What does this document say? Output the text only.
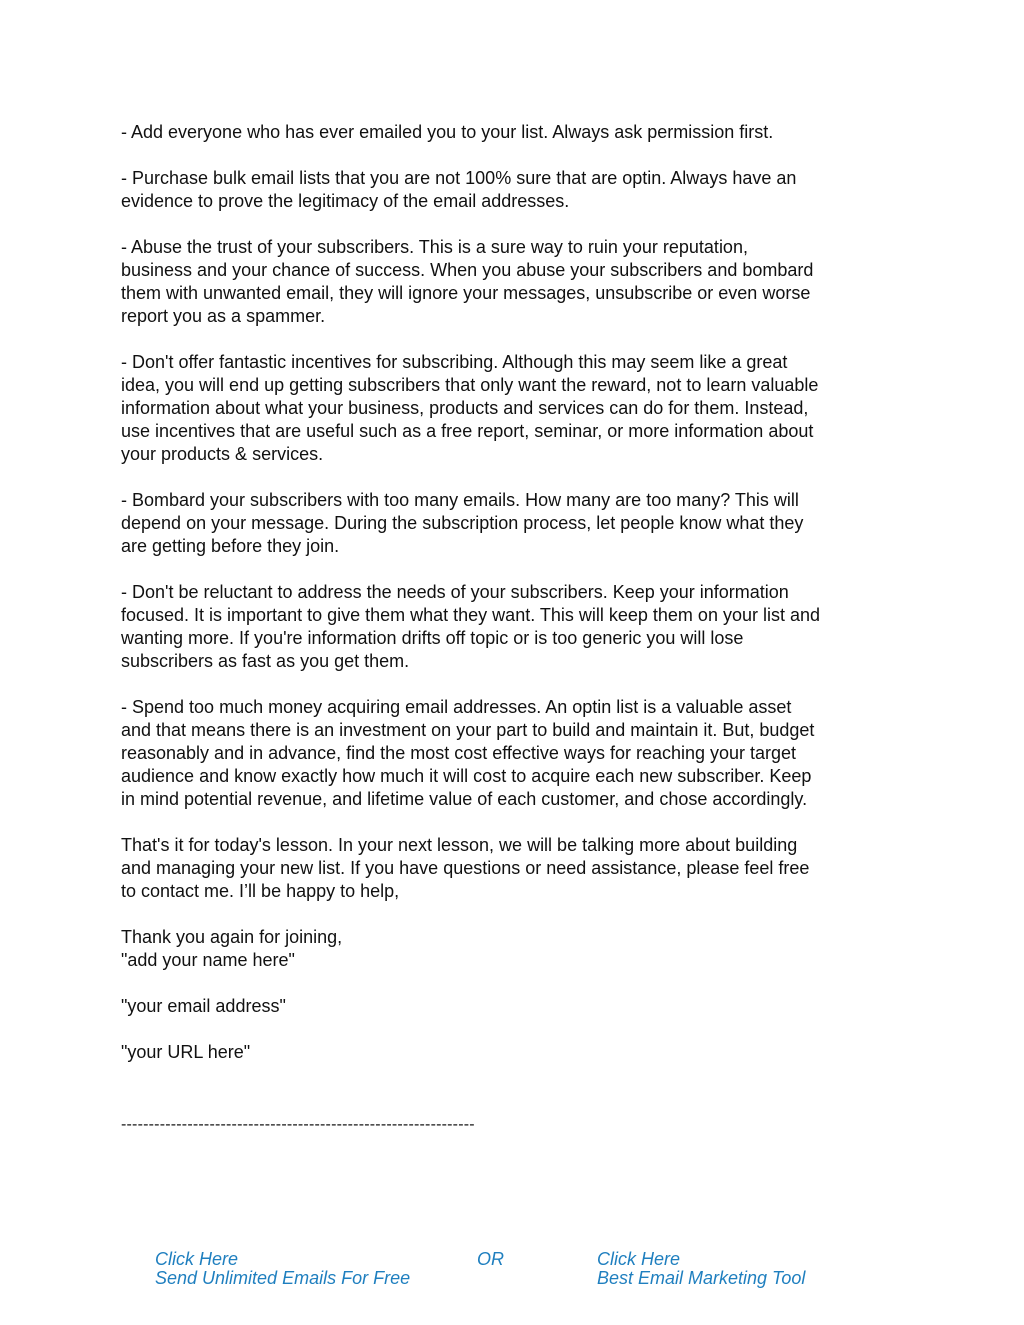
- Add everyone who has ever emailed you to your list. Always ask permission first.

- Purchase bulk email lists that you are not 100% sure that are optin. Always have an
evidence to prove the legitimacy of the email addresses.

- Abuse the trust of your subscribers. This is a sure way to ruin your reputation,
business and your chance of success. When you abuse your subscribers and bombard
them with unwanted email, they will ignore your messages, unsubscribe or even worse
report you as a spammer.

- Don't offer fantastic incentives for subscribing. Although this may seem like a great
idea, you will end up getting subscribers that only want the reward, not to learn valuable
information about what your business, products and services can do for them. Instead,
use incentives that are useful such as a free report, seminar, or more information about
your products & services.

- Bombard your subscribers with too many emails. How many are too many? This will
depend on your message. During the subscription process, let people know what they
are getting before they join.

- Don't be reluctant to address the needs of your subscribers. Keep your information
focused. It is important to give them what they want. This will keep them on your list and
wanting more. If you're information drifts off topic or is too generic you will lose
subscribers as fast as you get them.

- Spend too much money acquiring email addresses. An optin list is a valuable asset
and that means there is an investment on your part to build and maintain it. But, budget
reasonably and in advance, find the most cost effective ways for reaching your target
audience and know exactly how much it will cost to acquire each new subscriber. Keep
in mind potential revenue, and lifetime value of each customer, and chose accordingly.

That's it for today's lesson. In your next lesson, we will be talking more about building
and managing your new list. If you have questions or need assistance, please feel free
to contact me. I’ll be happy to help,

Thank you again for joining,
"add your name here"

"your email address"

"your URL here"

----------------------------------------------------------------
Click Here
Send Unlimited Emails For Free
OR	Click Here
Best Email Marketing Tool
